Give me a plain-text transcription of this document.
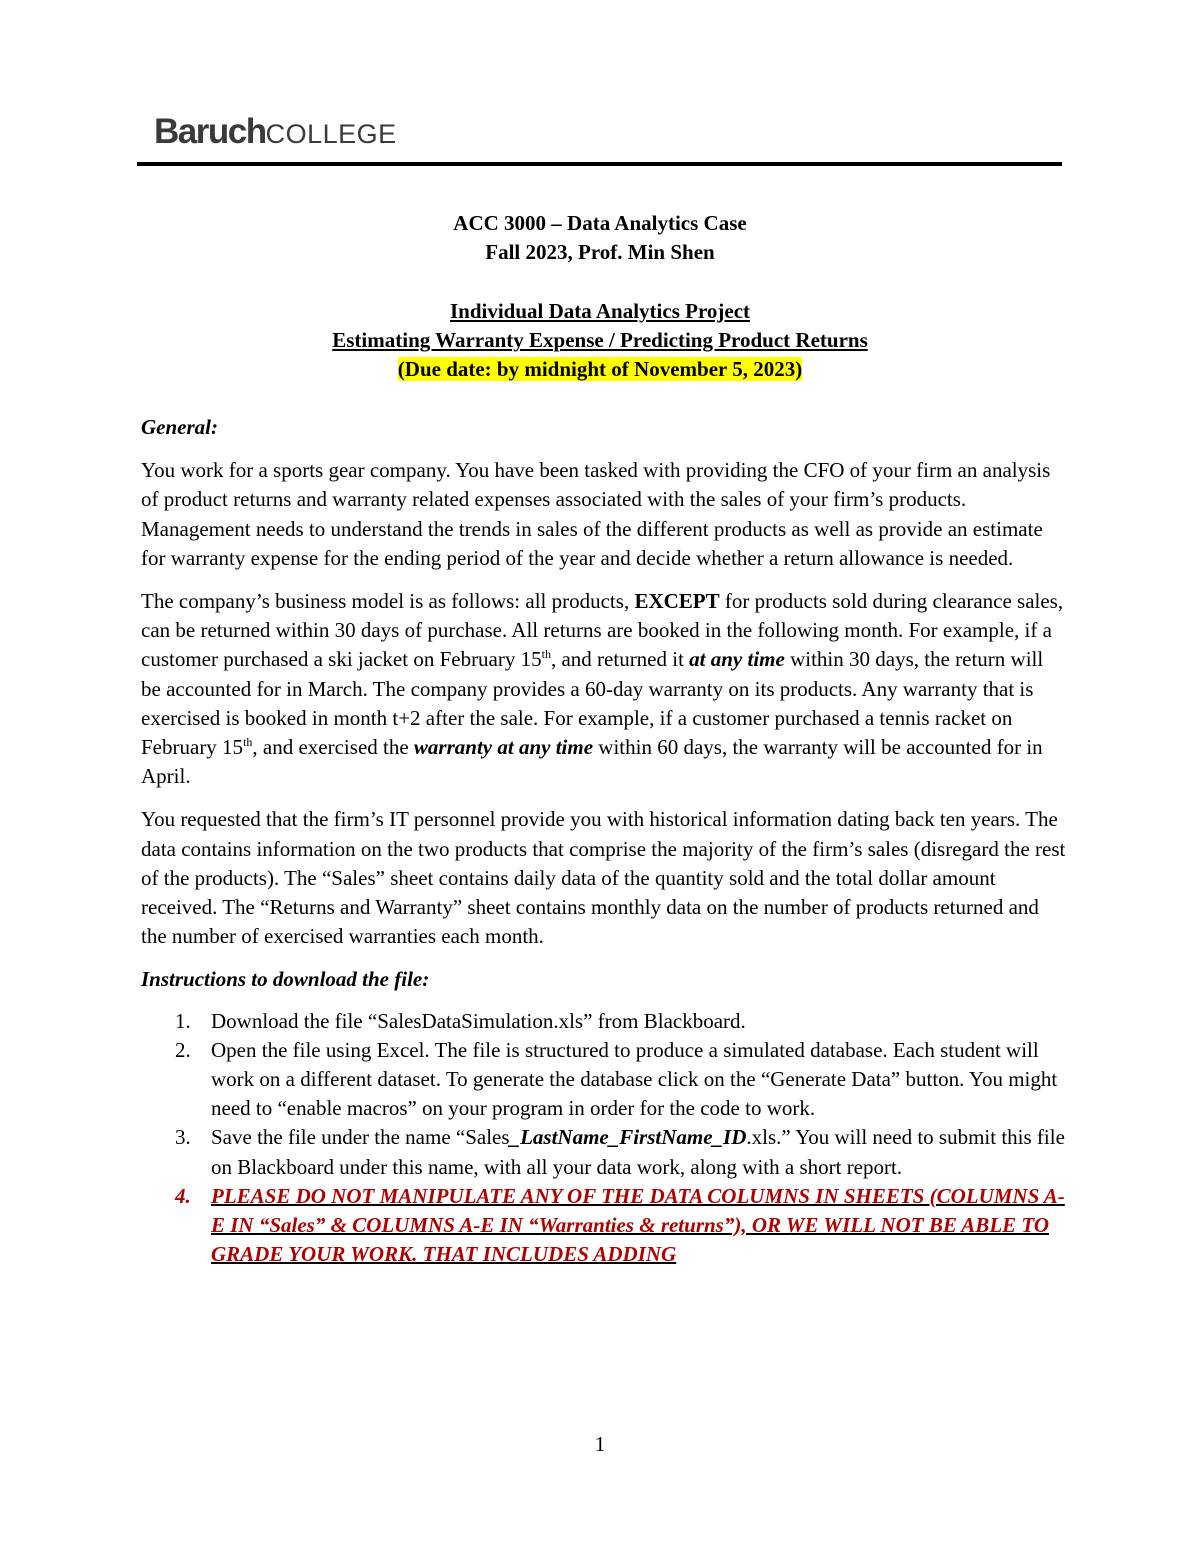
BaruchCOLLEGE
ACC 3000 – Data Analytics Case
Fall 2023, Prof. Min Shen
Individual Data Analytics Project
Estimating Warranty Expense / Predicting Product Returns
(Due date: by midnight of November 5, 2023)

General:

You work for a sports gear company. You have been tasked with providing the CFO of your firm an analysis of product returns and warranty related expenses associated with the sales of your firm’s products. Management needs to understand the trends in sales of the different products as well as provide an estimate for warranty expense for the ending period of the year and decide whether a return allowance is needed.

The company’s business model is as follows: all products, EXCEPT for products sold during clearance sales, can be returned within 30 days of purchase. All returns are booked in the following month. For example, if a customer purchased a ski jacket on February 15th, and returned it at any time within 30 days, the return will be accounted for in March. The company provides a 60-day warranty on its products. Any warranty that is exercised is booked in month t+2 after the sale. For example, if a customer purchased a tennis racket on February 15th, and exercised the warranty at any time within 60 days, the warranty will be accounted for in April.

You requested that the firm’s IT personnel provide you with historical information dating back ten years. The data contains information on the two products that comprise the majority of the firm’s sales (disregard the rest of the products). The “Sales” sheet contains daily data of the quantity sold and the total dollar amount received. The “Returns and Warranty” sheet contains monthly data on the number of products returned and the number of exercised warranties each month.

Instructions to download the file:

1. Download the file “SalesDataSimulation.xls” from Blackboard.
2. Open the file using Excel. The file is structured to produce a simulated database. Each student will work on a different dataset. To generate the database click on the “Generate Data” button. You might need to “enable macros” on your program in order for the code to work.
3. Save the file under the name “Sales_LastName_FirstName_ID.xls.” You will need to submit this file on Blackboard under this name, with all your data work, along with a short report.
4. PLEASE DO NOT MANIPULATE ANY OF THE DATA COLUMNS IN SHEETS (COLUMNS A-E IN “Sales” & COLUMNS A-E IN “Warranties & returns”), OR WE WILL NOT BE ABLE TO GRADE YOUR WORK. THAT INCLUDES ADDING
1
